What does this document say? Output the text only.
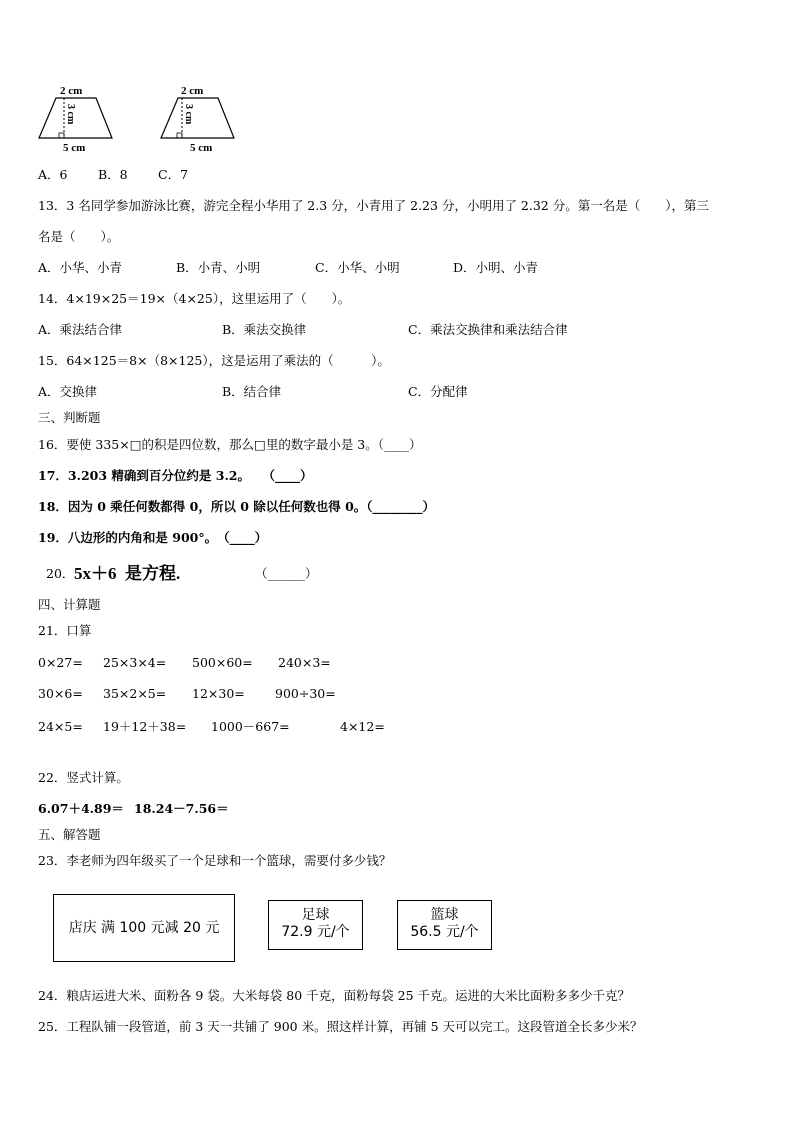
2 cm
3 cm
5 cm
2 cm
3 cm
5 cm
A．6 B．8 C．7
13．3 名同学参加游泳比赛，游完全程小华用了 2.3 分，小青用了 2.23 分，小明用了 2.32 分。第一名是（　　），第三
名是（　　）。
A．小华、小青	B．小青、小明	C．小华、小明	D．小明、小青
14．4×19×25＝19×（4×25），这里运用了（　　）。
A．乘法结合律	B．乘法交换律	C．乘法交换律和乘法结合律
15．64×125＝8×（8×125），这是运用了乘法的（　　　）。
A．交换律	B．结合律	C．分配律
三、判断题
16．要使 335×□的积是四位数，那么□里的数字最小是 3。（____）
17．3.203 精确到百分位约是 3.2。　　（____）
18．因为 0 乘任何数都得 0，所以 0 除以任何数也得 0。（________）
19．八边形的内角和是 900°。　（____）
20． 5x＋6  是方程.	（______）
四、计算题
21．口算
0×27= 25×3×4= 500×60= 240×3=
30×6= 35×2×5= 12×30= 900÷30=
24×5= 19＋12＋38= 1000－667=	4×12=
22．竖式计算。
6.07＋4.89＝ 18.24－7.56＝
五、解答题
23．李老师为四年级买了一个足球和一个篮球，需要付多少钱？
店庆 满 100 元减 20 元
足球
72.9 元/个
篮球
56.5 元/个
24．粮店运进大米、面粉各 9 袋。大米每袋 80 千克，面粉每袋 25 千克。运进的大米比面粉多多少千克？
25．工程队铺一段管道，前 3 天一共铺了 900 米。照这样计算，再铺 5 天可以完工。这段管道全长多少米？
